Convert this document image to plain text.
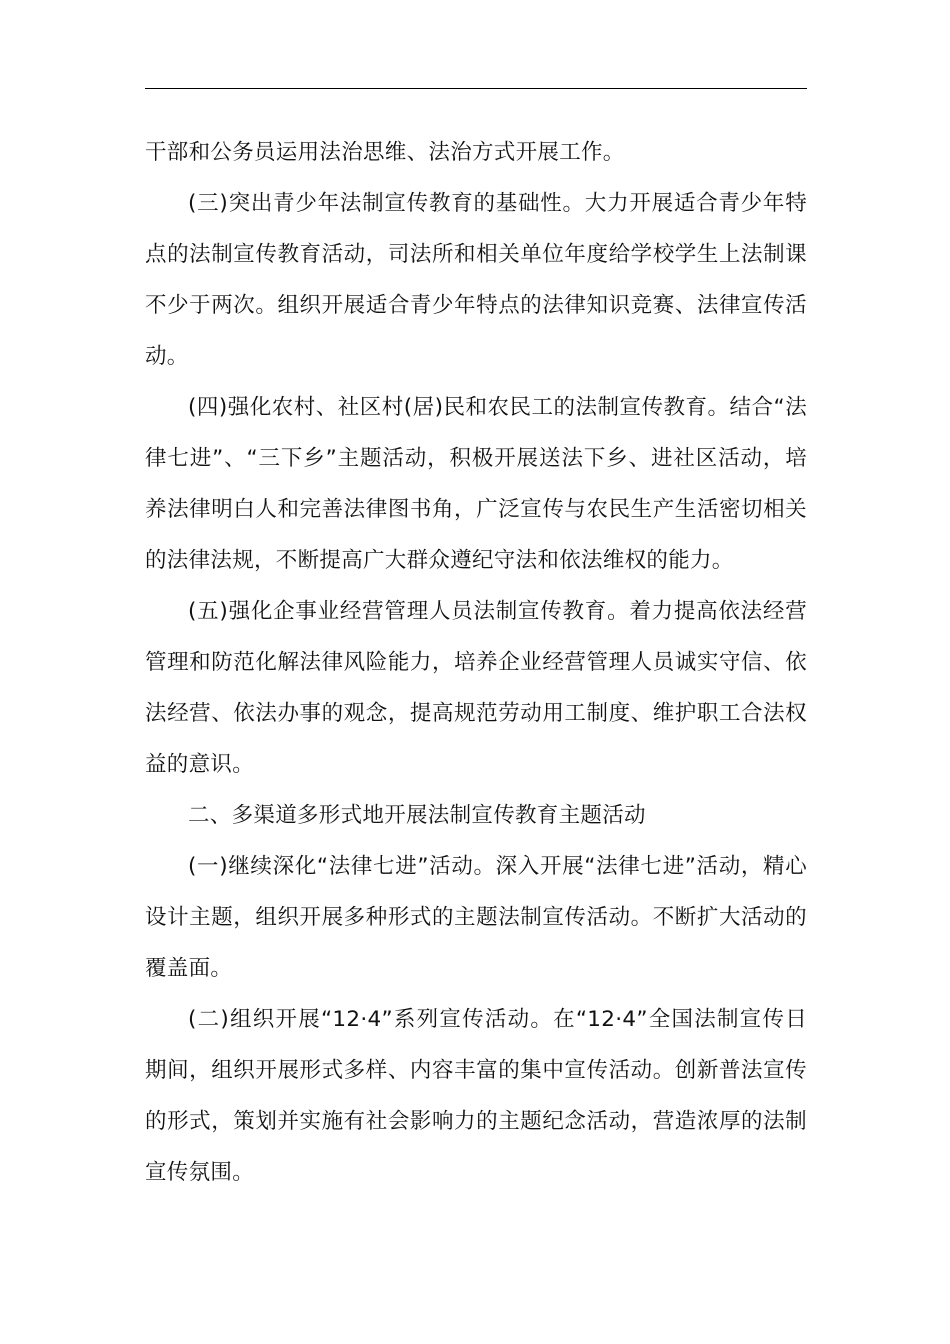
干部和公务员运用法治思维、法治方式开展工作。

(三)突出青少年法制宣传教育的基础性。大力开展适合青少年特点的法制宣传教育活动，司法所和相关单位年度给学校学生上法制课不少于两次。组织开展适合青少年特点的法律知识竞赛、法律宣传活动。

(四)强化农村、社区村(居)民和农民工的法制宣传教育。结合“法律七进”、“三下乡”主题活动，积极开展送法下乡、进社区活动，培养法律明白人和完善法律图书角，广泛宣传与农民生产生活密切相关的法律法规，不断提高广大群众遵纪守法和依法维权的能力。

(五)强化企事业经营管理人员法制宣传教育。着力提高依法经营管理和防范化解法律风险能力，培养企业经营管理人员诚实守信、依法经营、依法办事的观念，提高规范劳动用工制度、维护职工合法权益的意识。

二、多渠道多形式地开展法制宣传教育主题活动

(一)继续深化“法律七进”活动。深入开展“法律七进”活动，精心设计主题，组织开展多种形式的主题法制宣传活动。不断扩大活动的覆盖面。

(二)组织开展“12·4”系列宣传活动。在“12·4”全国法制宣传日期间，组织开展形式多样、内容丰富的集中宣传活动。创新普法宣传的形式，策划并实施有社会影响力的主题纪念活动，营造浓厚的法制宣传氛围。
